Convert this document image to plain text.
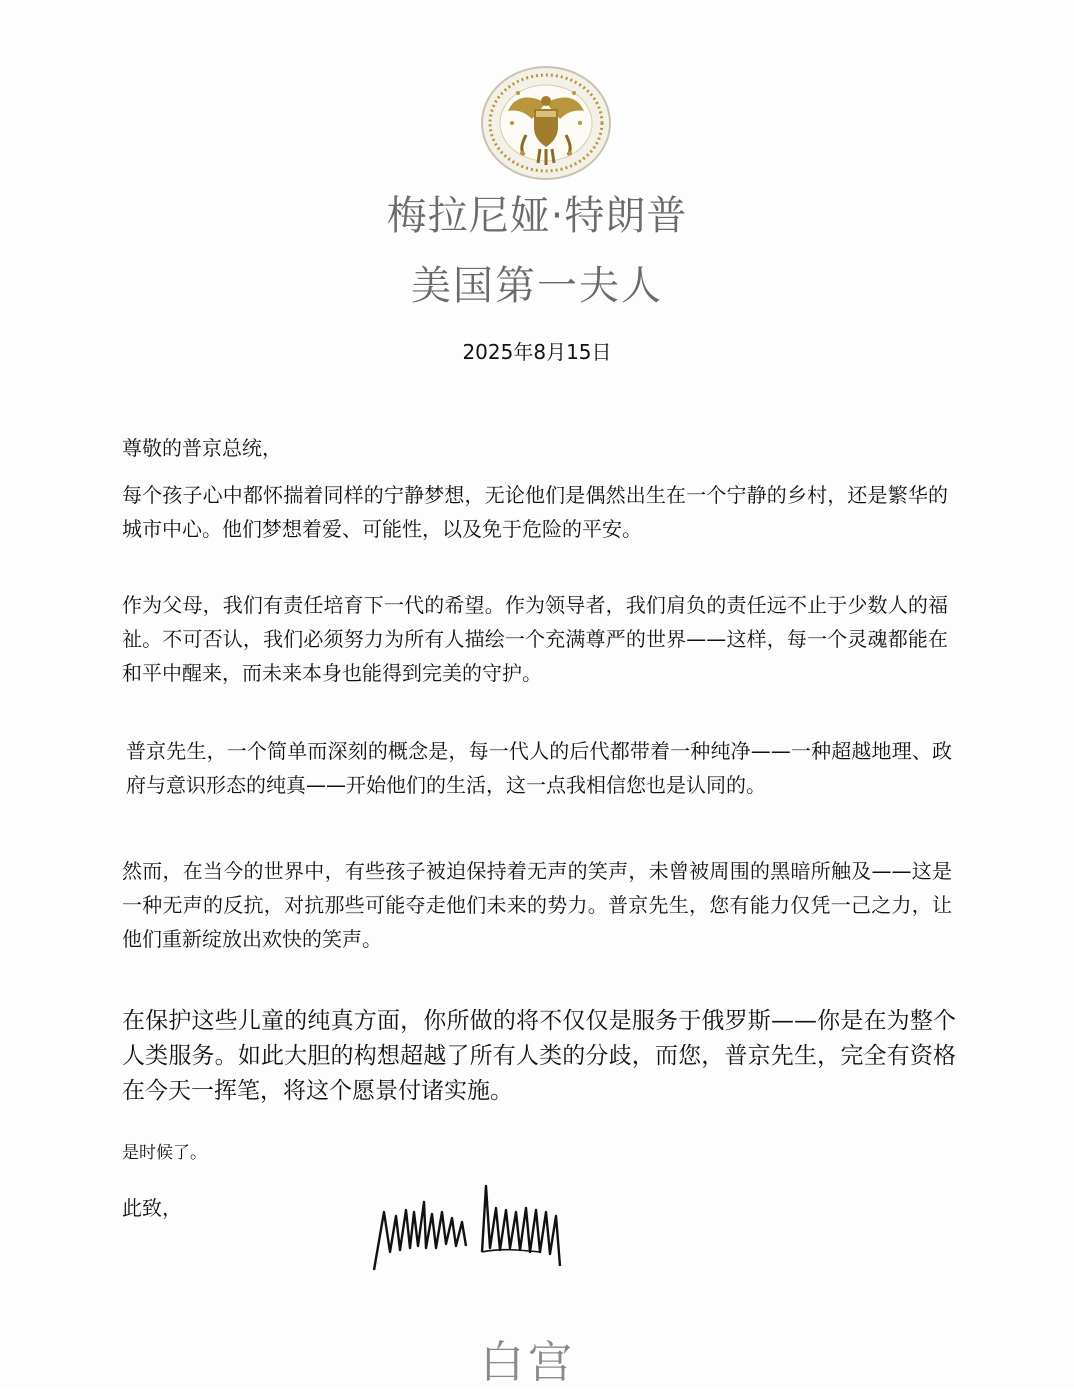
梅拉尼娅·特朗普
美国第一夫人
2025年8月15日
尊敬的普京总统，
每个孩子心中都怀揣着同样的宁静梦想，无论他们是偶然出生在一个宁静的乡村，还是繁华的城市中心。他们梦想着爱、可能性，以及免于危险的平安。
作为父母，我们有责任培育下一代的希望。作为领导者，我们肩负的责任远不止于少数人的福祉。不可否认，我们必须努力为所有人描绘一个充满尊严的世界——这样，每一个灵魂都能在和平中醒来，而未来本身也能得到完美的守护。
普京先生，一个简单而深刻的概念是，每一代人的后代都带着一种纯净——一种超越地理、政府与意识形态的纯真——开始他们的生活，这一点我相信您也是认同的。
然而，在当今的世界中，有些孩子被迫保持着无声的笑声，未曾被周围的黑暗所触及——这是一种无声的反抗，对抗那些可能夺走他们未来的势力。普京先生，您有能力仅凭一己之力，让他们重新绽放出欢快的笑声。
在保护这些儿童的纯真方面，你所做的将不仅仅是服务于俄罗斯——你是在为整个人类服务。如此大胆的构想超越了所有人类的分歧，而您，普京先生，完全有资格在今天一挥笔，将这个愿景付诸实施。
是时候了。
此致，
白宫
